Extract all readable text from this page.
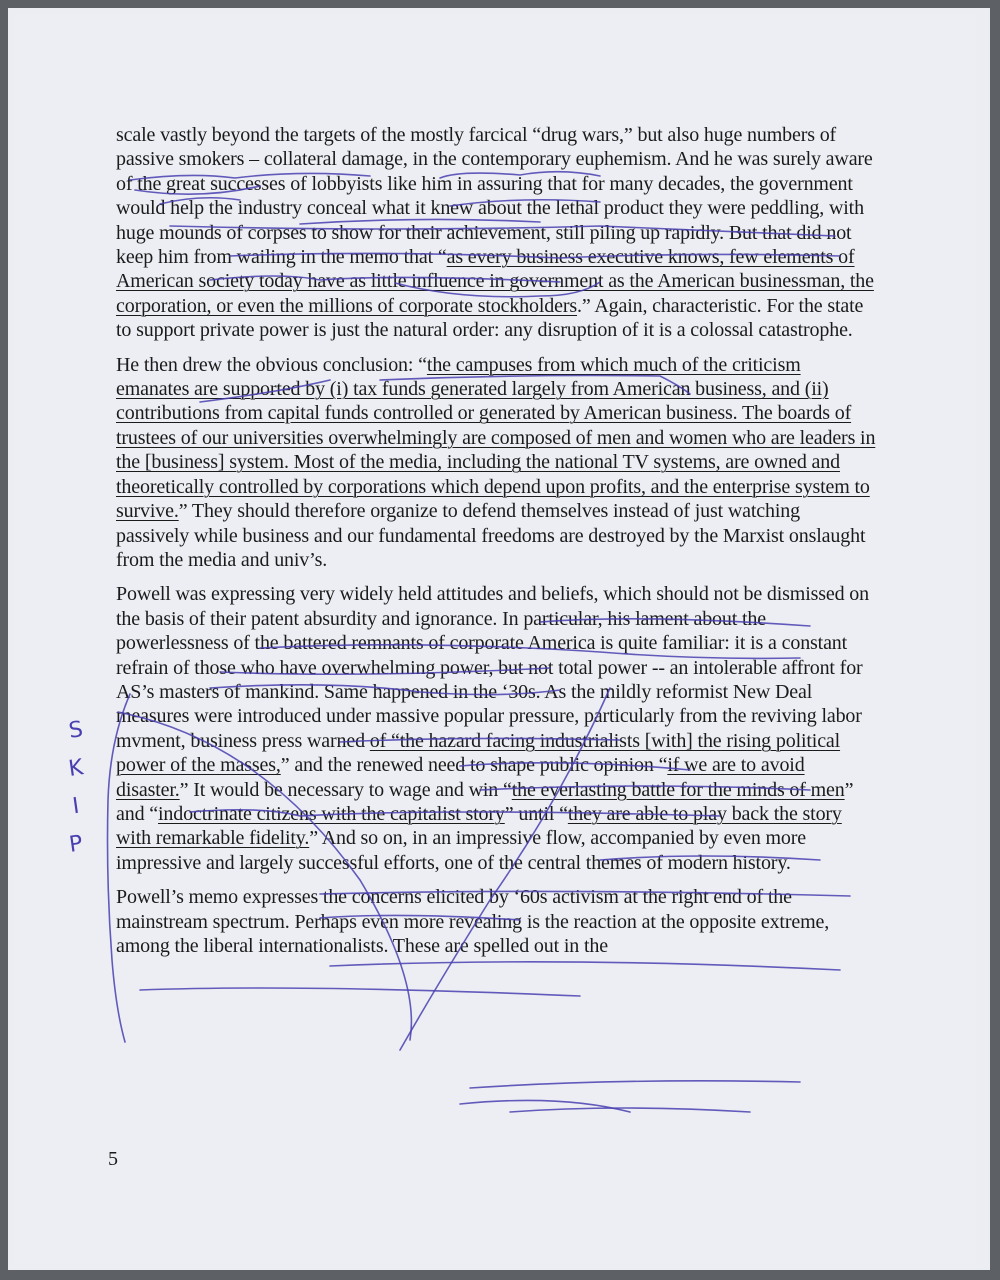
scale vastly beyond the targets of the mostly farcical “drug wars,” but also huge numbers of passive smokers – collateral damage, in the contemporary euphemism. And he was surely aware of the great successes of lobbyists like him in assuring that for many decades, the government would help the industry conceal what it knew about the lethal product they were peddling, with huge mounds of corpses to show for their achievement, still piling up rapidly. But that did not keep him from wailing in the memo that “as every business executive knows, few elements of American society today have as little influence in government as the American businessman, the corporation, or even the millions of corporate stockholders.” Again, characteristic. For the state to support private power is just the natural order: any disruption of it is a colossal catastrophe.

He then drew the obvious conclusion: “the campuses from which much of the criticism emanates are supported by (i) tax funds generated largely from American business, and (ii) contributions from capital funds controlled or generated by American business. The boards of trustees of our universities overwhelmingly are composed of men and women who are leaders in the [business] system. Most of the media, including the national TV systems, are owned and theoretically controlled by corporations which depend upon profits, and the enterprise system to survive.” They should therefore organize to defend themselves instead of just watching passively while business and our fundamental freedoms are destroyed by the Marxist onslaught from the media and univ’s.

Powell was expressing very widely held attitudes and beliefs, which should not be dismissed on the basis of their patent absurdity and ignorance. In particular, his lament about the powerlessness of the battered remnants of corporate America is quite familiar: it is a constant refrain of those who have overwhelming power, but not total power -- an intolerable affront for AS’s masters of mankind. Same happened in the ‘30s. As the mildly reformist New Deal measures were introduced under massive popular pressure, particularly from the reviving labor mvment, business press warned of “the hazard facing industrialists [with] the rising political power of the masses,” and the renewed need to shape public opinion “if we are to avoid disaster.” It would be necessary to wage and win “the everlasting battle for the minds of men” and “indoctrinate citizens with the capitalist story” until “they are able to play back the story with remarkable fidelity.” And so on, in an impressive flow, accompanied by even more impressive and largely successful efforts, one of the central themes of modern history.

Powell’s memo expresses the concerns elicited by ‘60s activism at the right end of the mainstream spectrum. Perhaps even more revealing is the reaction at the opposite extreme, among the liberal internationalists. These are spelled out in the

5
S
K
I
P
